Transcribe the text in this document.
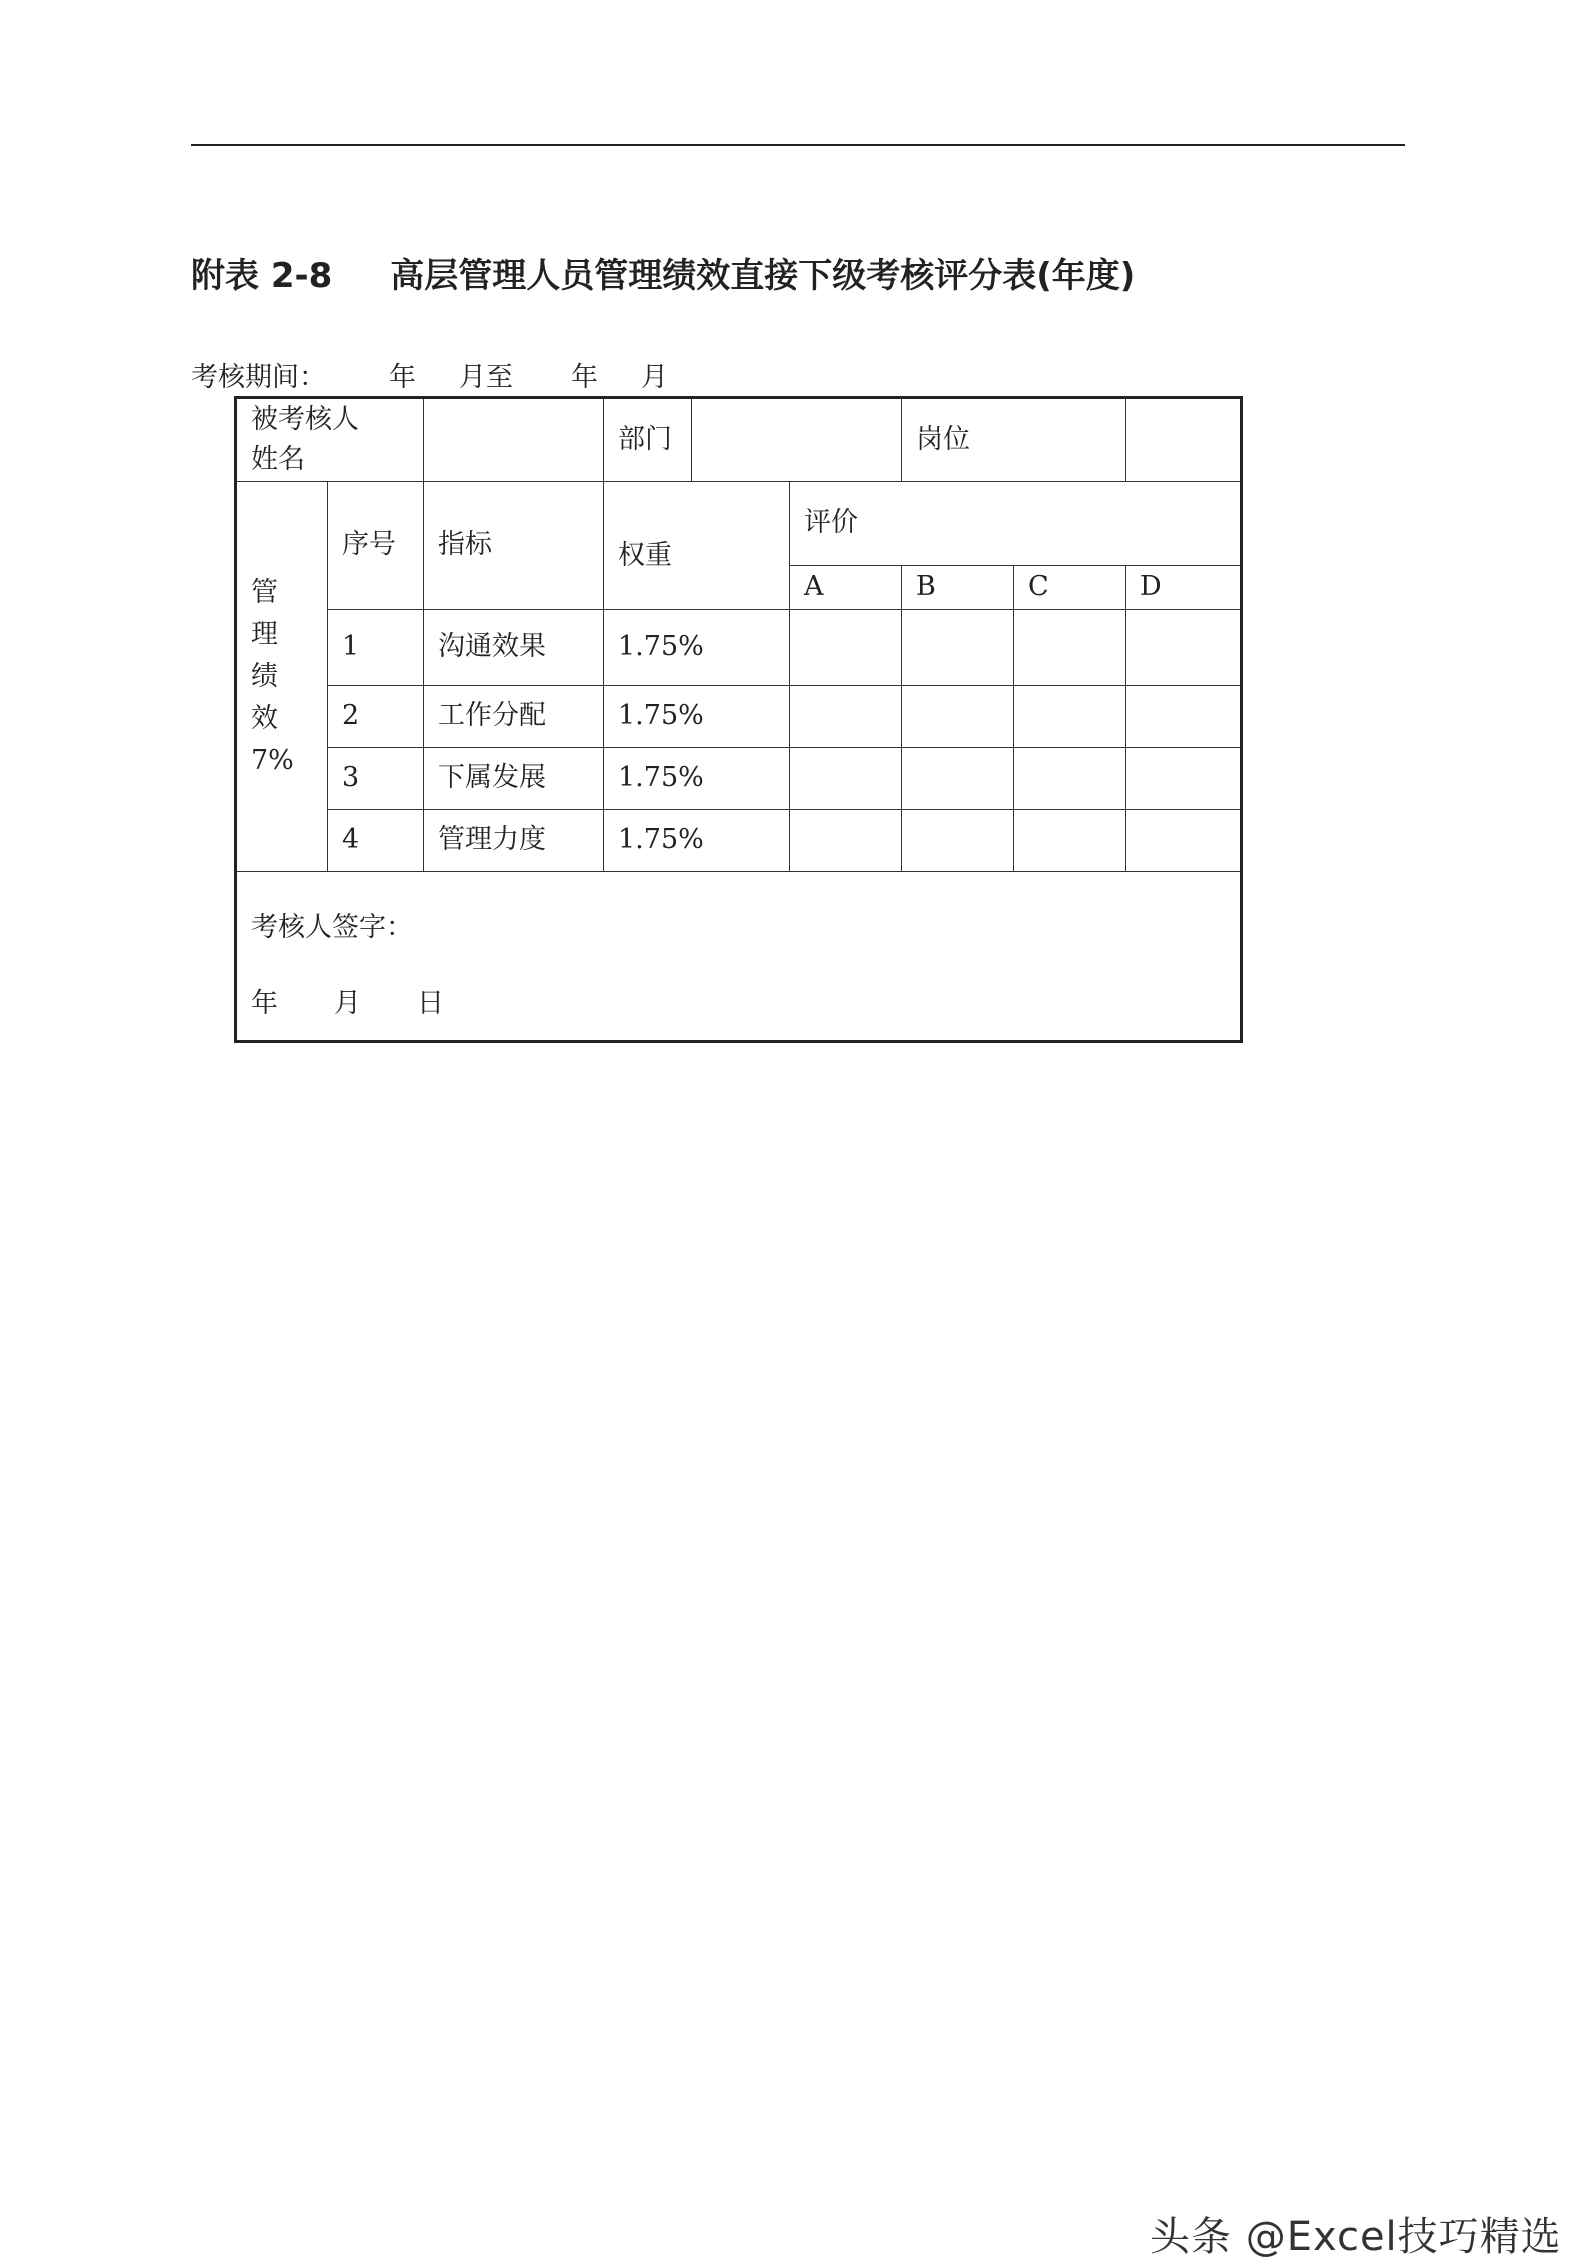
附表 2-8 高层管理人员管理绩效直接下级考核评分表(年度)
考核期间： 年 月至 年 月
被考核人
姓名			部门			岗位		

管理绩效7%	序号	指标	权重		评价			
					A	B	C	D
	1	沟通效果	1.75%					
	2	工作分配	1.75%					
	3	下属发展	1.75%					
	4	管理力度	1.75%					

考核人签字：
年 月 日								
头条 @Excel技巧精选
